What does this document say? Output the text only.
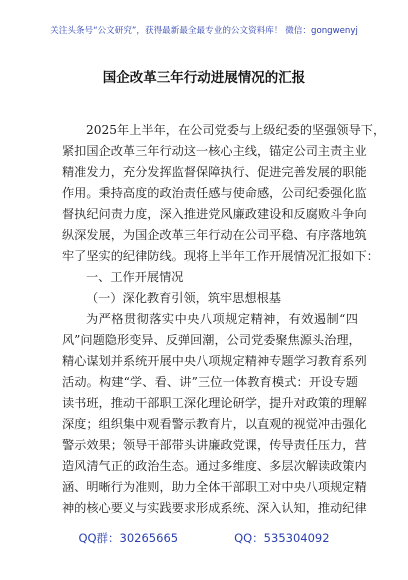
关注头条号“公文研究”，获得最新最全最专业的公文资料库！ 微信：gongwenyj
国企改革三年行动进展情况的汇报
2025年上半年，在公司党委与上级纪委的坚强领导下，
紧扣国企改革三年行动这一核心主线，锚定公司主责主业
精准发力，充分发挥监督保障执行、促进完善发展的职能
作用。秉持高度的政治责任感与使命感，公司纪委强化监
督执纪问责力度，深入推进党风廉政建设和反腐败斗争向
纵深发展，为国企改革三年行动在公司平稳、有序落地筑
牢了坚实的纪律防线。现将上半年工作开展情况汇报如下：
一、工作开展情况
（一）深化教育引领，筑牢思想根基
为严格贯彻落实中央八项规定精神，有效遏制“四
风”问题隐形变异、反弹回潮，公司党委聚焦源头治理，
精心谋划并系统开展中央八项规定精神专题学习教育系列
活动。构建“学、看、讲”三位一体教育模式：开设专题
读书班，推动干部职工深化理论研学，提升对政策的理解
深度；组织集中观看警示教育片，以直观的视觉冲击强化
警示效果；领导干部带头讲廉政党课，传导责任压力，营
造风清气正的政治生态。通过多维度、多层次解读政策内
涵、明晰行为准则，助力全体干部职工对中央八项规定精
神的核心要义与实践要求形成系统、深入认知，推动纪律
QQ群：30265665	QQ：535304092
